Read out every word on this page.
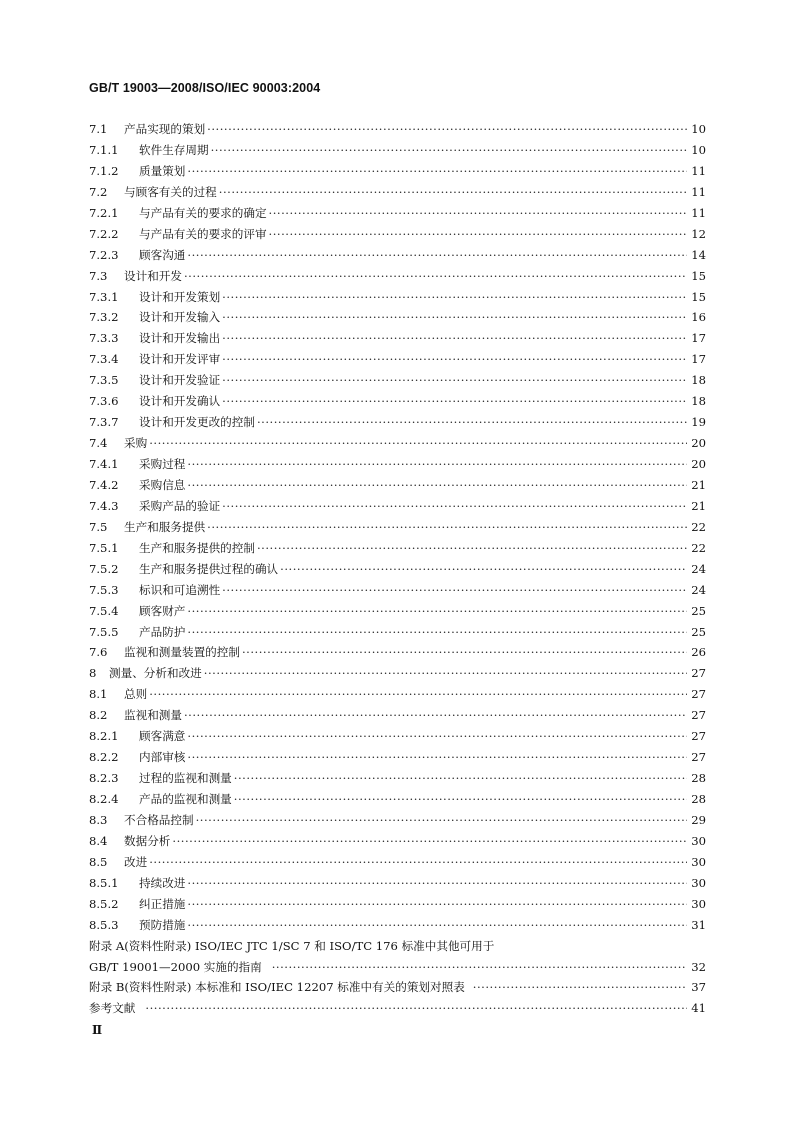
GB/T 19003—2008/ISO/IEC 90003:2004
7.1	产品实现的策划 ·····	10
7.1.1	软件生存周期 ·····	10
7.1.2	质量策划 ·····	11
7.2	与顾客有关的过程 ·····	11
7.2.1	与产品有关的要求的确定 ·····	11
7.2.2	与产品有关的要求的评审 ·····	12
7.2.3	顾客沟通 ·····	14
7.3	设计和开发 ·····	15
7.3.1	设计和开发策划 ·····	15
7.3.2	设计和开发输入 ·····	16
7.3.3	设计和开发输出 ·····	17
7.3.4	设计和开发评审 ·····	17
7.3.5	设计和开发验证 ·····	18
7.3.6	设计和开发确认 ·····	18
7.3.7	设计和开发更改的控制 ·····	19
7.4	采购 ·····	20
7.4.1	采购过程 ·····	20
7.4.2	采购信息 ·····	21
7.4.3	采购产品的验证 ·····	21
7.5	生产和服务提供 ·····	22
7.5.1	生产和服务提供的控制 ·····	22
7.5.2	生产和服务提供过程的确认 ·····	24
7.5.3	标识和可追溯性 ·····	24
7.5.4	顾客财产 ·····	25
7.5.5	产品防护 ·····	25
7.6	监视和测量装置的控制 ·····	26
8	测量、分析和改进 ·····	27
8.1	总则 ·····	27
8.2	监视和测量 ·····	27
8.2.1	顾客满意 ·····	27
8.2.2	内部审核 ·····	27
8.2.3	过程的监视和测量 ·····	28
8.2.4	产品的监视和测量 ·····	28
8.3	不合格品控制 ·····	29
8.4	数据分析 ·····	30
8.5	改进 ·····	30
8.5.1	持续改进 ·····	30
8.5.2	纠正措施 ·····	30
8.5.3	预防措施 ·····	31
附录 A(资料性附录) ISO/IEC JTC 1/SC 7 和 ISO/TC 176 标准中其他可用于
GB/T 19001—2000 实施的指南 ·····	32
附录 B(资料性附录) 本标准和 ISO/IEC 12207 标准中有关的策划对照表 ·····	37
参考文献 ·····	41
Ⅱ
